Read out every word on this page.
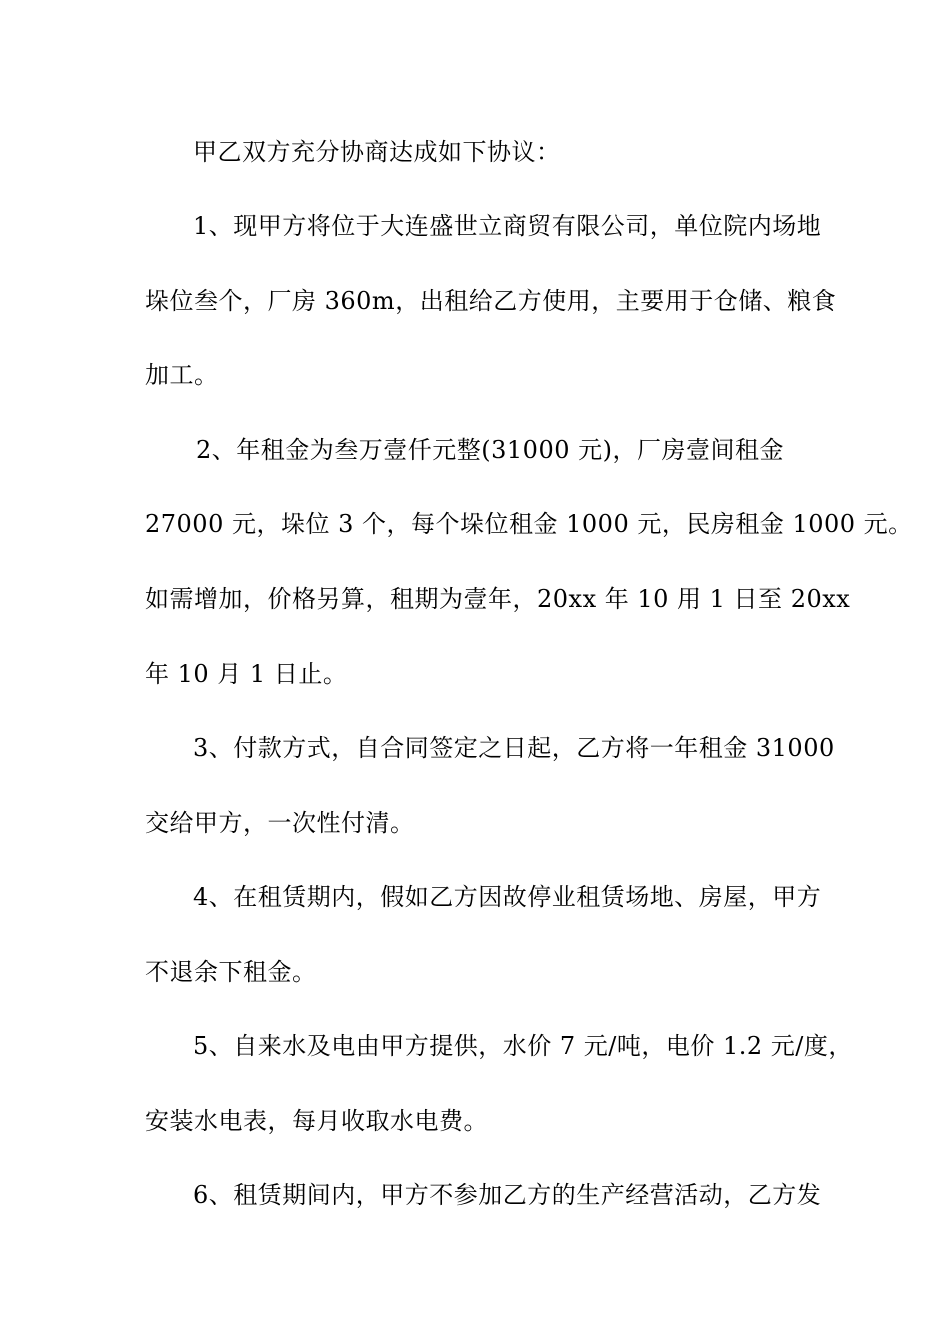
甲乙双方充分协商达成如下协议：
1、现甲方将位于大连盛世立商贸有限公司，单位院内场地
垛位叁个，厂房 360m，出租给乙方使用，主要用于仓储、粮食
加工。
2、年租金为叁万壹仟元整(31000 元)，厂房壹间租金
27000 元，垛位 3 个，每个垛位租金 1000 元，民房租金 1000 元。
如需增加，价格另算，租期为壹年，20xx 年 10 用 1 日至 20xx
年 10 月 1 日止。
3、付款方式，自合同签定之日起，乙方将一年租金 31000
交给甲方，一次性付清。
4、在租赁期内，假如乙方因故停业租赁场地、房屋，甲方
不退余下租金。
5、自来水及电由甲方提供，水价 7 元/吨，电价 1.2 元/度，
安装水电表，每月收取水电费。
6、租赁期间内，甲方不参加乙方的生产经营活动，乙方发
